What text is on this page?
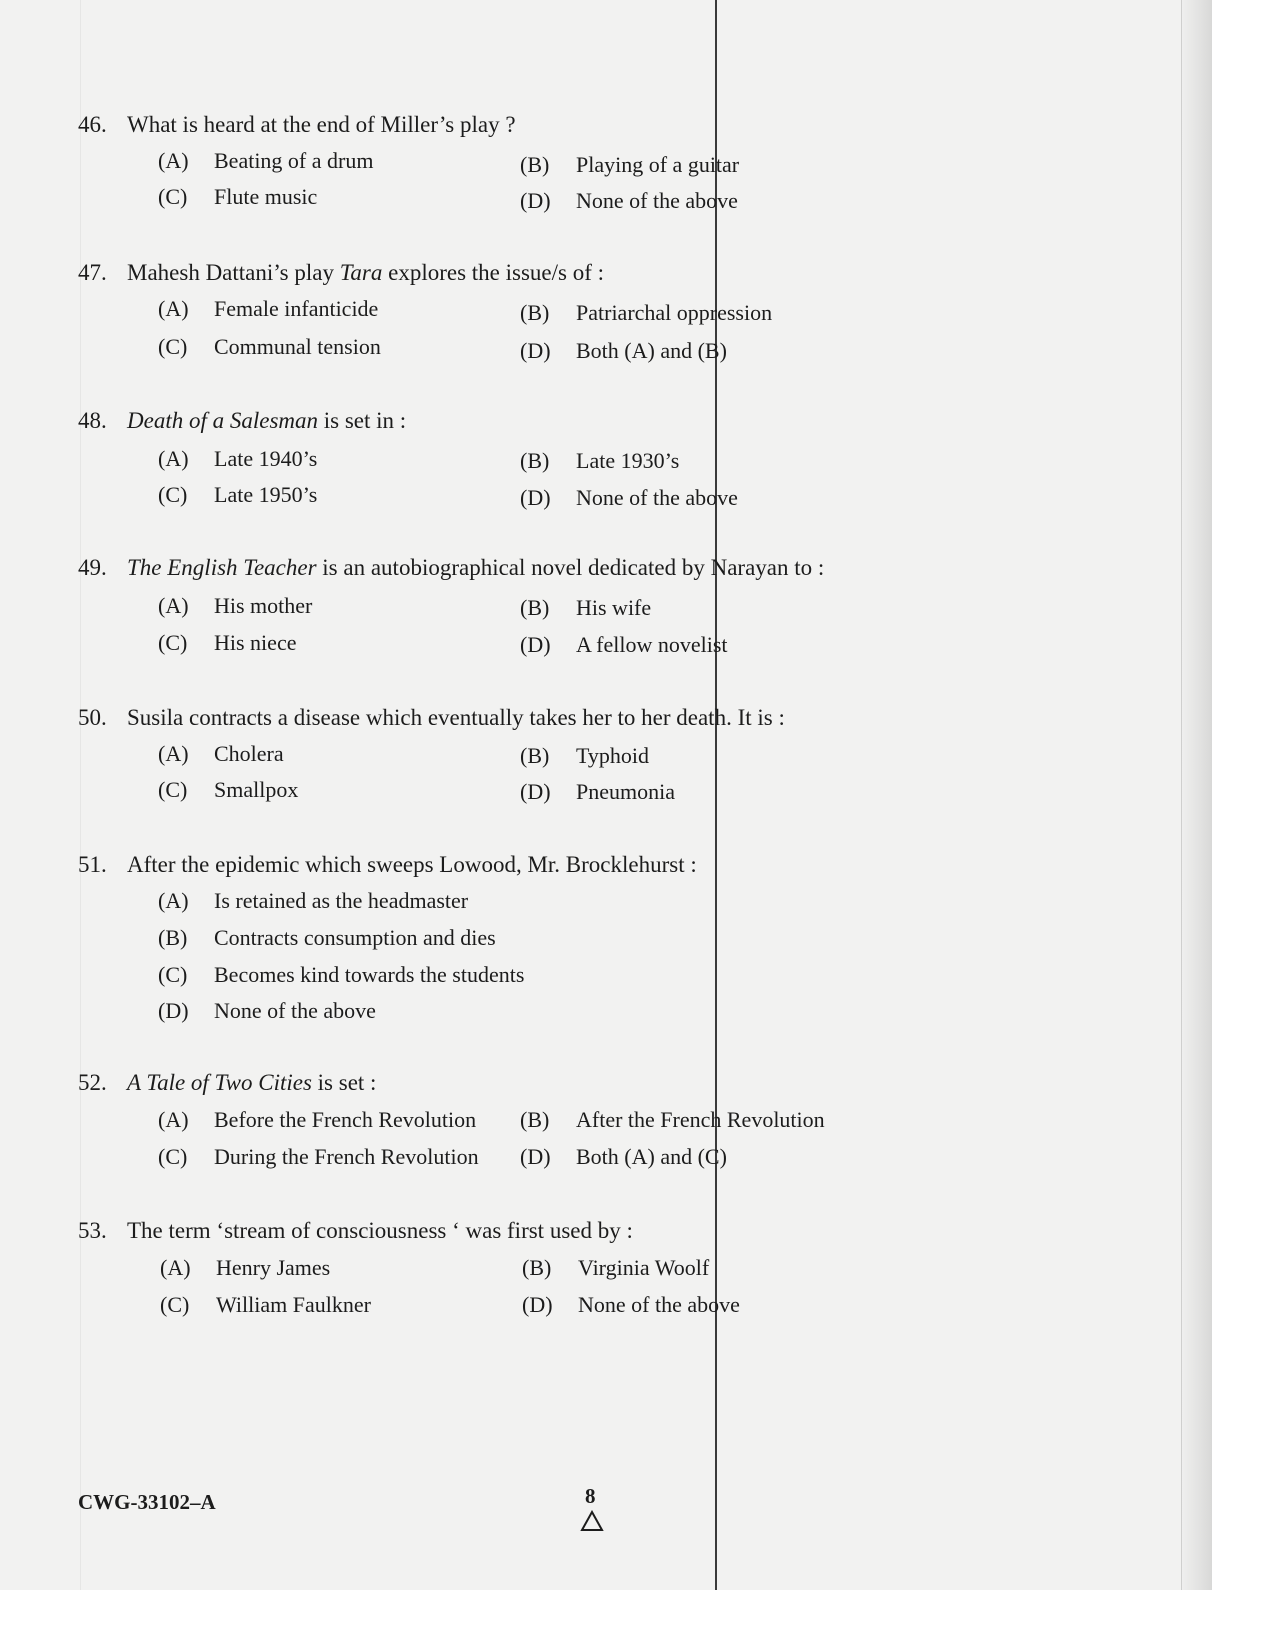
46. What is heard at the end of Miller’s play ?
(A) Beating of a drum	(B) Playing of a guitar
(C) Flute music	(D) None of the above
47. Mahesh Dattani’s play Tara explores the issue/s of :
(A) Female infanticide	(B) Patriarchal oppression
(C) Communal tension	(D) Both (A) and (B)
48. Death of a Salesman is set in :
(A) Late 1940’s	(B) Late 1930’s
(C) Late 1950’s	(D) None of the above
49. The English Teacher is an autobiographical novel dedicated by Narayan to :
(A) His mother	(B) His wife
(C) His niece	(D) A fellow novelist
50. Susila contracts a disease which eventually takes her to her death. It is :
(A) Cholera	(B) Typhoid
(C) Smallpox	(D) Pneumonia
51. After the epidemic which sweeps Lowood, Mr. Brocklehurst :
(A) Is retained as the headmaster
(B) Contracts consumption and dies
(C) Becomes kind towards the students
(D) None of the above
52. A Tale of Two Cities is set :
(A) Before the French Revolution (B) After the French Revolution
(C) During the French Revolution (D) Both (A) and (C)
53. The term ‘stream of consciousness ‘ was first used by :
(A) Henry James	(B) Virginia Woolf
(C) William Faulkner	(D) None of the above
CWG-33102–A	8
